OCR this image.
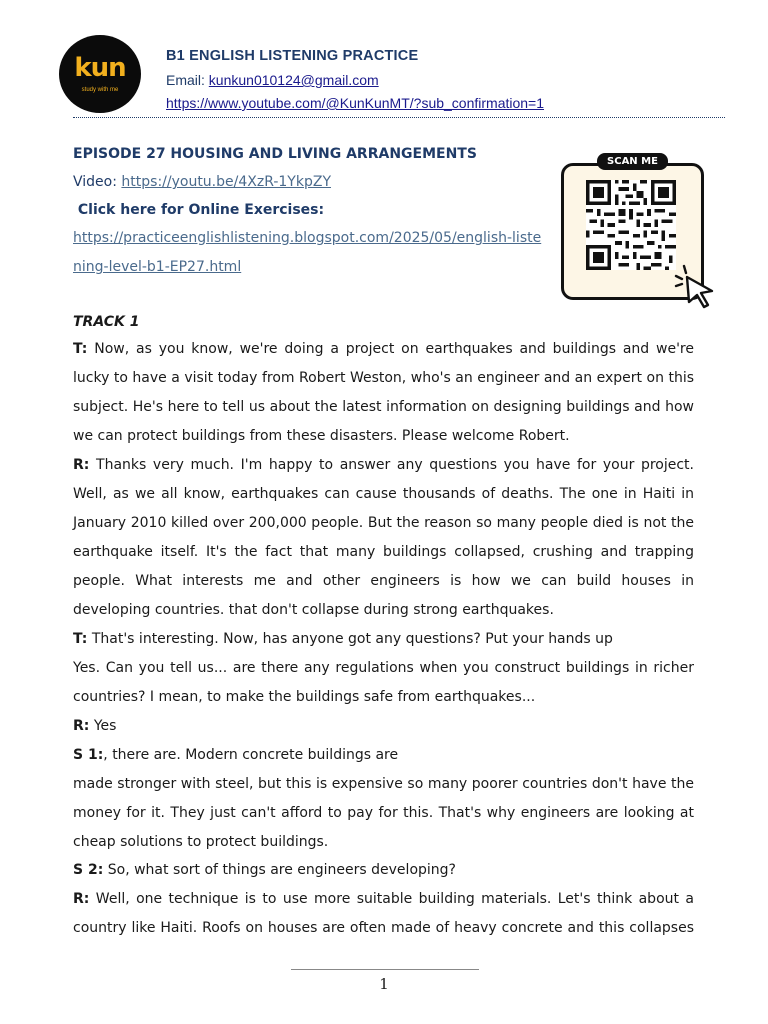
kun
study with me
B1 ENGLISH LISTENING PRACTICE
Email: kunkun010124@gmail.com
https://www.youtube.com/@KunKunMT/?sub_confirmation=1
EPISODE 27 HOUSING AND LIVING ARRANGEMENTS
Video: https://youtu.be/4XzR-1YkpZY
Click here for Online Exercises:
https://practiceenglishlistening.blogspot.com/2025/05/english-listening-level-b1-EP27.html
SCAN ME
TRACK 1
T: Now, as you know, we're doing a project on earthquakes and buildings and we're lucky to have a visit today from Robert Weston, who's an engineer and an expert on this subject. He's here to tell us about the latest information on designing buildings and how we can protect buildings from these disasters. Please welcome Robert.
R: Thanks very much. I'm happy to answer any questions you have for your project. Well, as we all know, earthquakes can cause thousands of deaths. The one in Haiti in January 2010 killed over 200,000 people. But the reason so many people died is not the earthquake itself. It's the fact that many buildings collapsed, crushing and trapping people. What interests me and other engineers is how we can build houses in developing countries. that don't collapse during strong earthquakes.
T: That's interesting. Now, has anyone got any questions? Put your hands up
Yes. Can you tell us... are there any regulations when you construct buildings in richer countries? I mean, to make the buildings safe from earthquakes...
R: Yes
S 1:, there are. Modern concrete buildings are
made stronger with steel, but this is expensive so many poorer countries don't have the money for it. They just can't afford to pay for this. That's why engineers are looking at cheap solutions to protect buildings.
S 2: So, what sort of things are engineers developing?
R: Well, one technique is to use more suitable building materials. Let's think about a country like Haiti. Roofs on houses are often made of heavy concrete and this collapses
1
